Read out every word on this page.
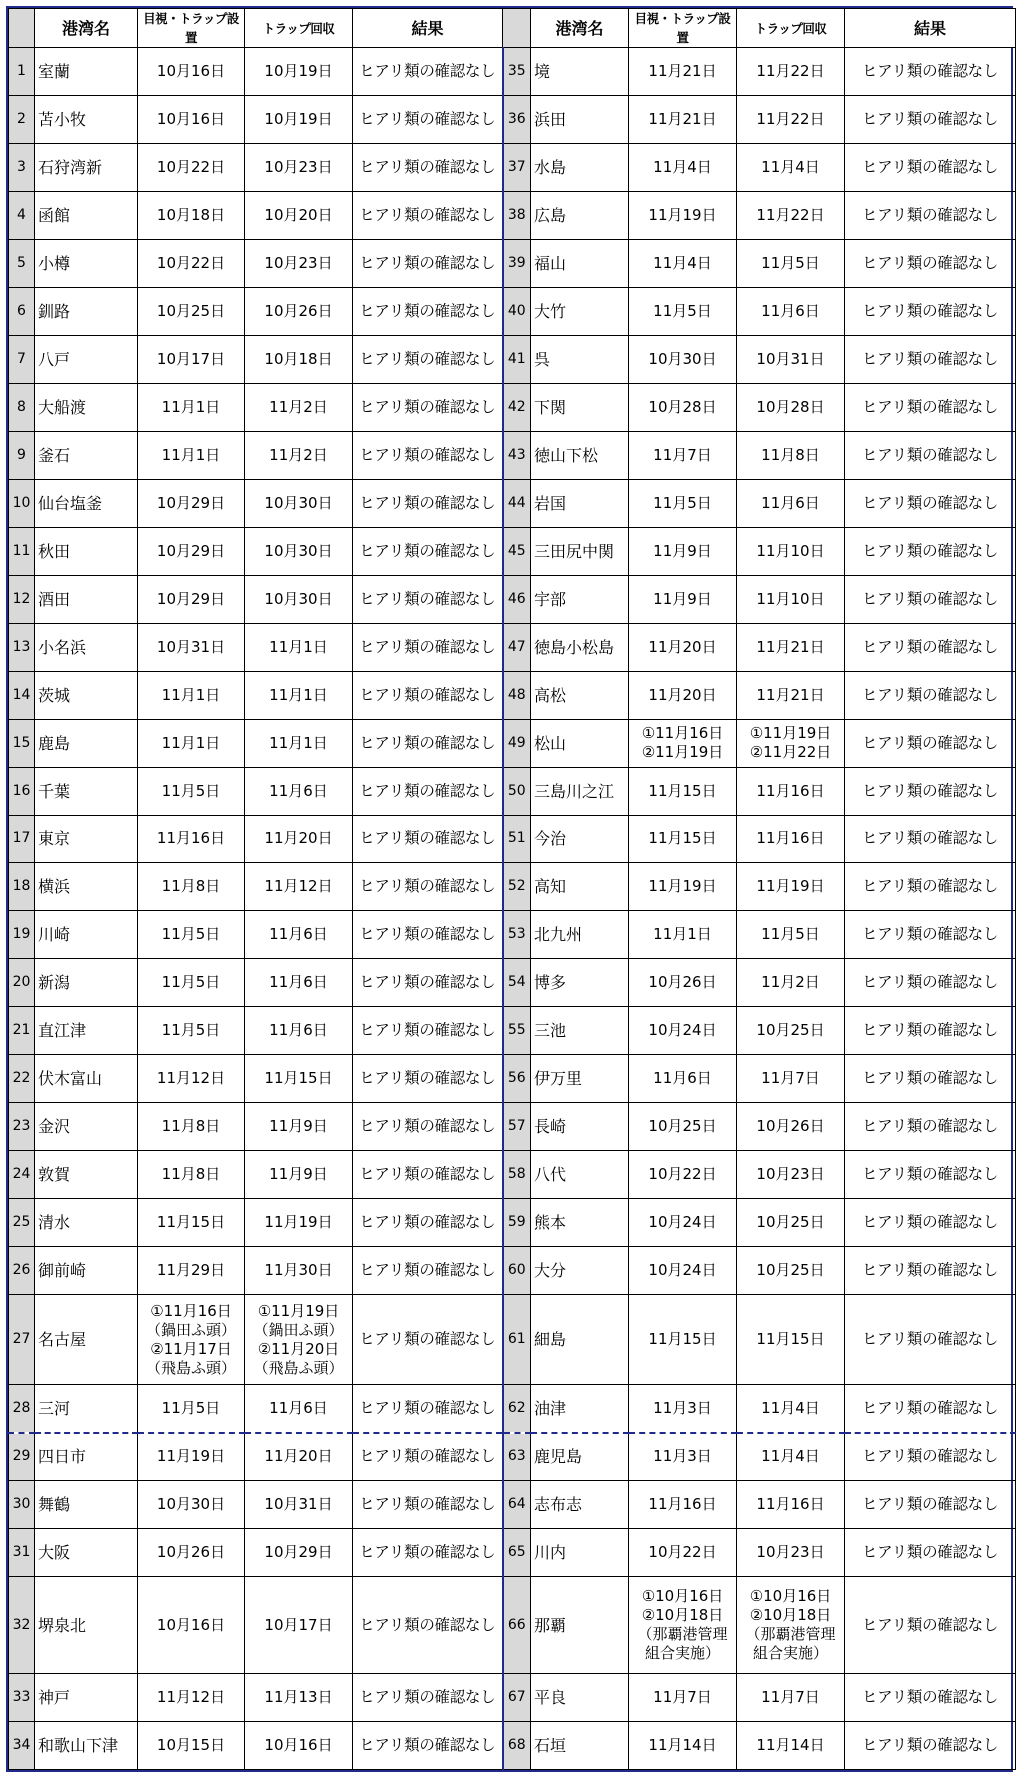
	港湾名	目視・トラップ設置	トラップ回収	結果		港湾名	目視・トラップ設置	トラップ回収	結果
1	室蘭	10月16日	10月19日	ヒアリ類の確認なし	35	境	11月21日	11月22日	ヒアリ類の確認なし
2	苫小牧	10月16日	10月19日	ヒアリ類の確認なし	36	浜田	11月21日	11月22日	ヒアリ類の確認なし
3	石狩湾新	10月22日	10月23日	ヒアリ類の確認なし	37	水島	11月4日	11月4日	ヒアリ類の確認なし
4	函館	10月18日	10月20日	ヒアリ類の確認なし	38	広島	11月19日	11月22日	ヒアリ類の確認なし
5	小樽	10月22日	10月23日	ヒアリ類の確認なし	39	福山	11月4日	11月5日	ヒアリ類の確認なし
6	釧路	10月25日	10月26日	ヒアリ類の確認なし	40	大竹	11月5日	11月6日	ヒアリ類の確認なし
7	八戸	10月17日	10月18日	ヒアリ類の確認なし	41	呉	10月30日	10月31日	ヒアリ類の確認なし
8	大船渡	11月1日	11月2日	ヒアリ類の確認なし	42	下関	10月28日	10月28日	ヒアリ類の確認なし
9	釜石	11月1日	11月2日	ヒアリ類の確認なし	43	徳山下松	11月7日	11月8日	ヒアリ類の確認なし
10	仙台塩釜	10月29日	10月30日	ヒアリ類の確認なし	44	岩国	11月5日	11月6日	ヒアリ類の確認なし
11	秋田	10月29日	10月30日	ヒアリ類の確認なし	45	三田尻中関	11月9日	11月10日	ヒアリ類の確認なし
12	酒田	10月29日	10月30日	ヒアリ類の確認なし	46	宇部	11月9日	11月10日	ヒアリ類の確認なし
13	小名浜	10月31日	11月1日	ヒアリ類の確認なし	47	徳島小松島	11月20日	11月21日	ヒアリ類の確認なし
14	茨城	11月1日	11月1日	ヒアリ類の確認なし	48	高松	11月20日	11月21日	ヒアリ類の確認なし
15	鹿島	11月1日	11月1日	ヒアリ類の確認なし	49	松山	①11月16日
②11月19日	①11月19日
②11月22日	ヒアリ類の確認なし
16	千葉	11月5日	11月6日	ヒアリ類の確認なし	50	三島川之江	11月15日	11月16日	ヒアリ類の確認なし
17	東京	11月16日	11月20日	ヒアリ類の確認なし	51	今治	11月15日	11月16日	ヒアリ類の確認なし
18	横浜	11月8日	11月12日	ヒアリ類の確認なし	52	高知	11月19日	11月19日	ヒアリ類の確認なし
19	川崎	11月5日	11月6日	ヒアリ類の確認なし	53	北九州	11月1日	11月5日	ヒアリ類の確認なし
20	新潟	11月5日	11月6日	ヒアリ類の確認なし	54	博多	10月26日	11月2日	ヒアリ類の確認なし
21	直江津	11月5日	11月6日	ヒアリ類の確認なし	55	三池	10月24日	10月25日	ヒアリ類の確認なし
22	伏木富山	11月12日	11月15日	ヒアリ類の確認なし	56	伊万里	11月6日	11月7日	ヒアリ類の確認なし
23	金沢	11月8日	11月9日	ヒアリ類の確認なし	57	長崎	10月25日	10月26日	ヒアリ類の確認なし
24	敦賀	11月8日	11月9日	ヒアリ類の確認なし	58	八代	10月22日	10月23日	ヒアリ類の確認なし
25	清水	11月15日	11月19日	ヒアリ類の確認なし	59	熊本	10月24日	10月25日	ヒアリ類の確認なし
26	御前崎	11月29日	11月30日	ヒアリ類の確認なし	60	大分	10月24日	10月25日	ヒアリ類の確認なし
27	名古屋	①11月16日
（鍋田ふ頭）
②11月17日
（飛島ふ頭）	①11月19日
（鍋田ふ頭）
②11月20日
（飛島ふ頭）	ヒアリ類の確認なし	61	細島	11月15日	11月15日	ヒアリ類の確認なし
28	三河	11月5日	11月6日	ヒアリ類の確認なし	62	油津	11月3日	11月4日	ヒアリ類の確認なし
29	四日市	11月19日	11月20日	ヒアリ類の確認なし	63	鹿児島	11月3日	11月4日	ヒアリ類の確認なし
30	舞鶴	10月30日	10月31日	ヒアリ類の確認なし	64	志布志	11月16日	11月16日	ヒアリ類の確認なし
31	大阪	10月26日	10月29日	ヒアリ類の確認なし	65	川内	10月22日	10月23日	ヒアリ類の確認なし
32	堺泉北	10月16日	10月17日	ヒアリ類の確認なし	66	那覇	①10月16日
②10月18日
（那覇港管理
組合実施）	①10月16日
②10月18日
（那覇港管理
組合実施）	ヒアリ類の確認なし
33	神戸	11月12日	11月13日	ヒアリ類の確認なし	67	平良	11月7日	11月7日	ヒアリ類の確認なし
34	和歌山下津	10月15日	10月16日	ヒアリ類の確認なし	68	石垣	11月14日	11月14日	ヒアリ類の確認なし
